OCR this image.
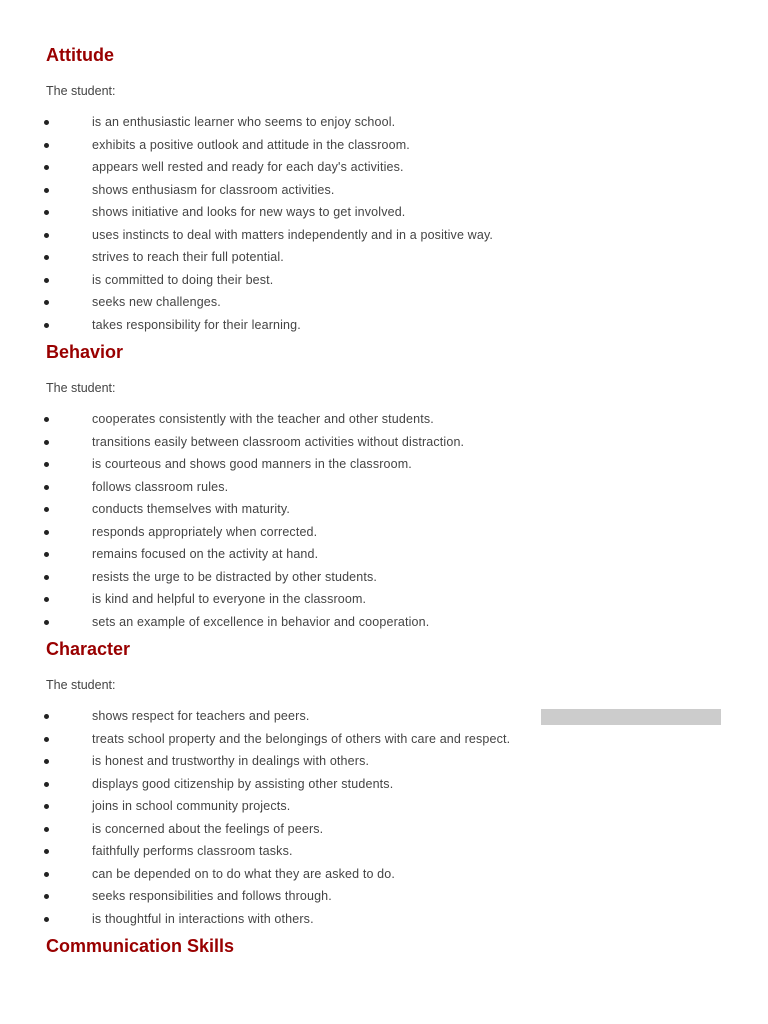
Attitude

The student:

is an enthusiastic learner who seems to enjoy school.
exhibits a positive outlook and attitude in the classroom.
appears well rested and ready for each day's activities.
shows enthusiasm for classroom activities.
shows initiative and looks for new ways to get involved.
uses instincts to deal with matters independently and in a positive way.
strives to reach their full potential.
is committed to doing their best.
seeks new challenges.
takes responsibility for their learning.
Behavior

The student:

cooperates consistently with the teacher and other students.
transitions easily between classroom activities without distraction.
is courteous and shows good manners in the classroom.
follows classroom rules.
conducts themselves with maturity.
responds appropriately when corrected.
remains focused on the activity at hand.
resists the urge to be distracted by other students.
is kind and helpful to everyone in the classroom.
sets an example of excellence in behavior and cooperation.
Character

The student:

shows respect for teachers and peers.
treats school property and the belongings of others with care and respect.
is honest and trustworthy in dealings with others.
displays good citizenship by assisting other students.
joins in school community projects.
is concerned about the feelings of peers.
faithfully performs classroom tasks.
can be depended on to do what they are asked to do.
seeks responsibilities and follows through.
is thoughtful in interactions with others.
Communication Skills
